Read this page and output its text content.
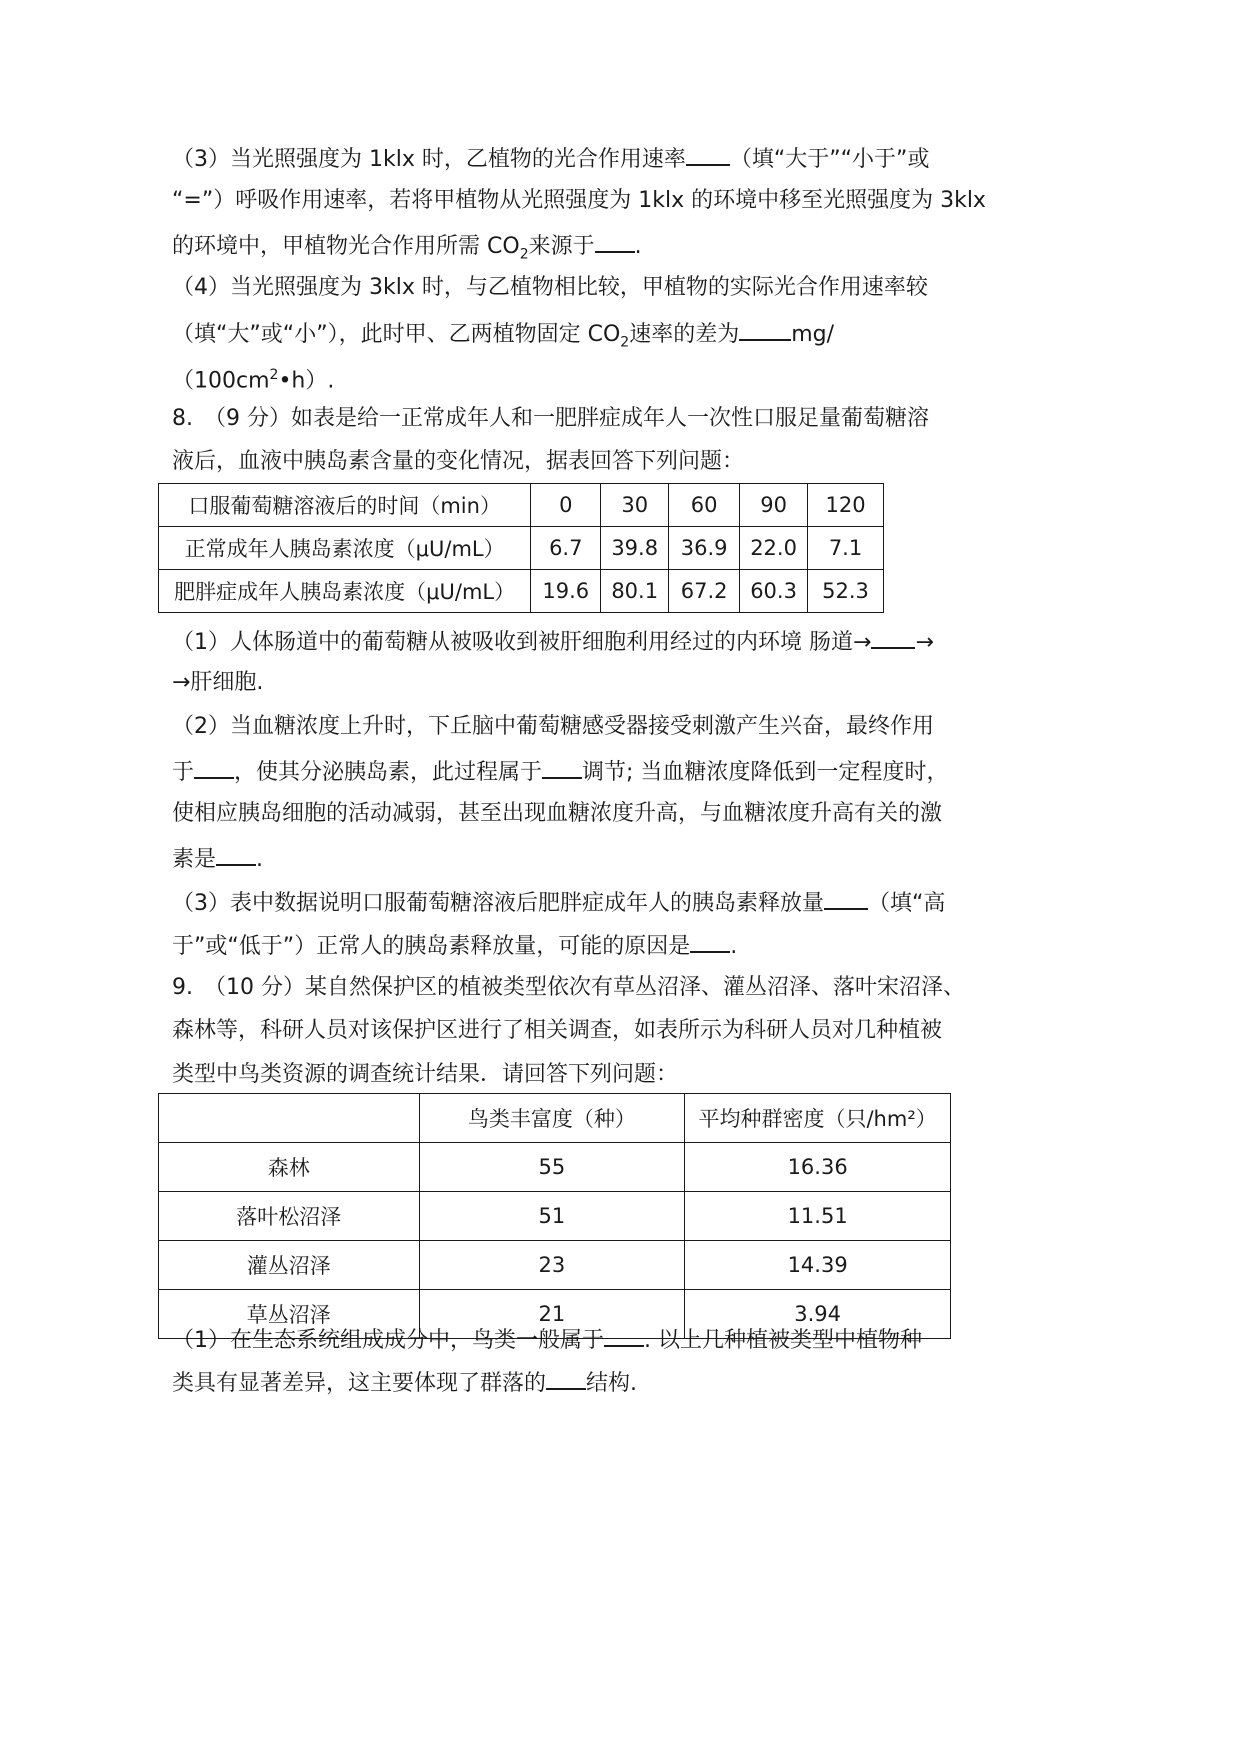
（3）当光照强度为 1klx 时，乙植物的光合作用速率 （填“大于”“小于”或
“=”）呼吸作用速率，若将甲植物从光照强度为 1klx 的环境中移至光照强度为 3klx
的环境中，甲植物光合作用所需 $CO_2$来源于 .
（4）当光照强度为 3klx 时，与乙植物相比较，甲植物的实际光合作用速率较
（填“大”或“小”），此时甲、乙两植物固定 $CO_2$速率的差为 mg/
$(100cm^2•h)$.
8.　（9 分）如表是给一正常成年人和一肥胖症成年人一次性口服足量葡萄糖溶
液后，血液中胰岛素含量的变化情况，据表回答下列问题：
口服葡萄糖溶液后的时间（min）	0	30	60	90	120
正常成年人胰岛素浓度（μU/mL）	6.7	39.8	36.9	22.0	7.1
肥胖症成年人胰岛素浓度（μU/mL）	19.6	80.1	67.2	60.3	52.3
（1）人体肠道中的葡萄糖从被吸收到被肝细胞利用经过的内环境 肠道→ →
→肝细胞.
（2）当血糖浓度上升时，下丘脑中葡萄糖感受器接受刺激产生兴奋，最终作用
于 ，使其分泌胰岛素，此过程属于 调节; 当血糖浓度降低到一定程度时，
使相应胰岛细胞的活动减弱，甚至出现血糖浓度升高，与血糖浓度升高有关的激
素是 .
（3）表中数据说明口服葡萄糖溶液后肥胖症成年人的胰岛素释放量 （填“高
于”或“低于”）正常人的胰岛素释放量，可能的原因是 .
9.　（10 分）某自然保护区的植被类型依次有草丛沼泽、灌丛沼泽、落叶宋沼泽、
森林等，科研人员对该保护区进行了相关调查，如表所示为科研人员对几种植被
类型中鸟类资源的调查统计结果．请回答下列问题：
	鸟类丰富度（种）	平均种群密度（只/hm²）
森林	55	16.36
落叶松沼泽	51	11.51
灌丛沼泽	23	14.39
草丛沼泽	21	3.94
（1）在生态系统组成成分中，鸟类一般属于 . 以上几种植被类型中植物种
类具有显著差异，这主要体现了群落的 结构.
